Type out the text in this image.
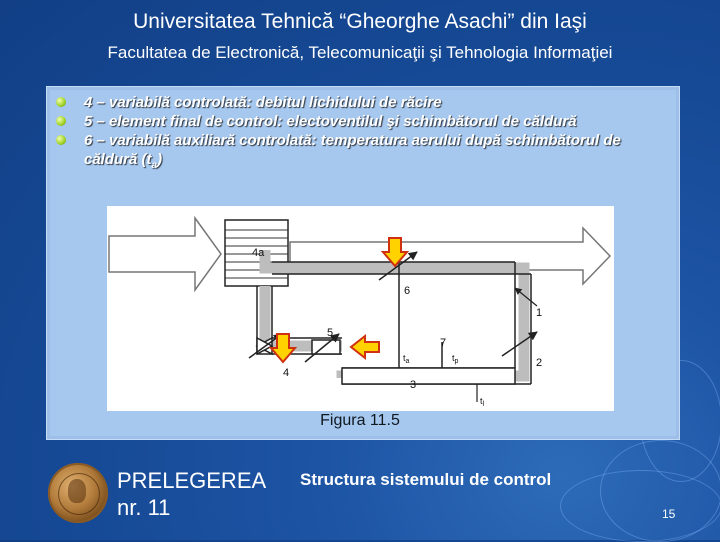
Universitatea Tehnică “Gheorghe Asachi” din Iaşi
Facultatea de Electronică, Telecomunicaţii şi Tehnologia Informaţiei
4 – variabilă controlată: debitul lichidului de răcire
5 – element final de control: electoventilul şi schimbătorul de căldură
6 – variabilă auxiliară controlată: temperatura aerului după schimbătorul de căldură $(t_a)$
4a
6
1
5
7
2
4
3
$t_a$	$t_p$
$t_l$
Figura 11.5
PRELEGEREA
nr. 11
Structura sistemului de control
15
